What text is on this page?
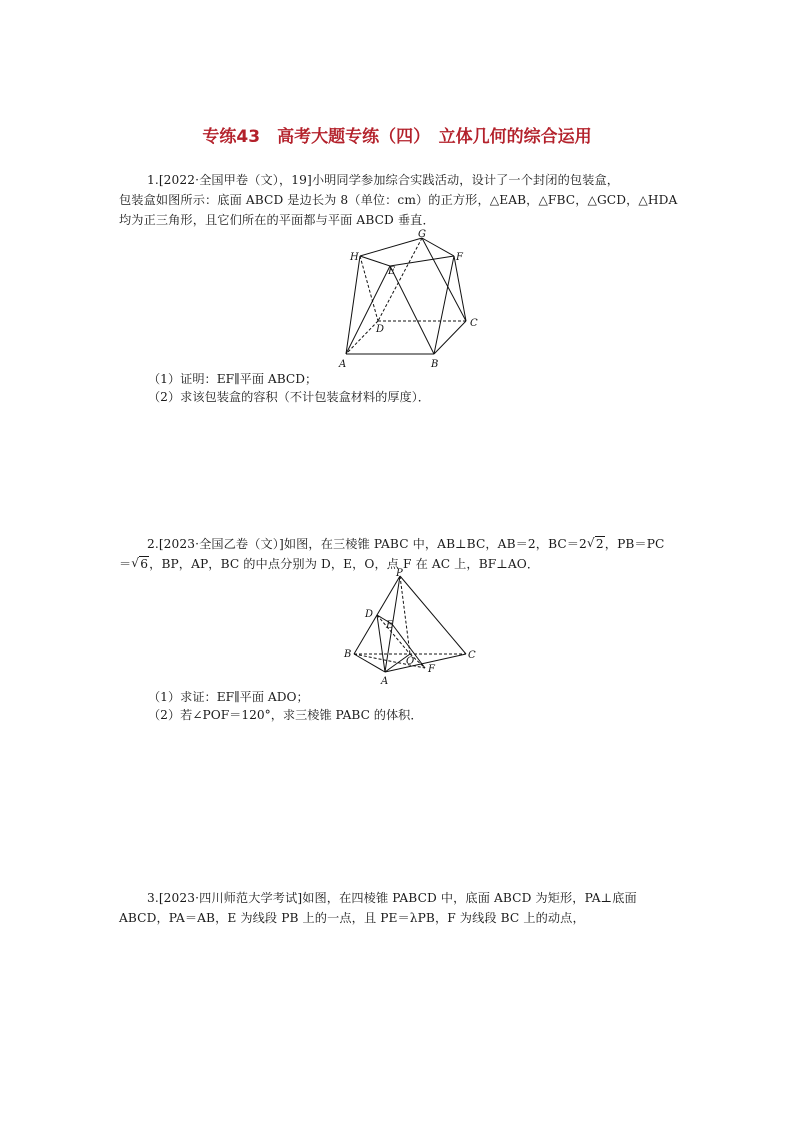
专练43　高考大题专练（四）　立体几何的综合运用
1.[2022·全国甲卷（文），19]小明同学参加综合实践活动，设计了一个封闭的包装盒，
包装盒如图所示：底面 ABCD 是边长为 8（单位：cm）的正方形，△EAB，△FBC，△GCD，△HDA
均为正三角形，且它们所在的平面都与平面 ABCD 垂直．
A	B
C
D
E
F
G
H
（1）证明：EF∥平面 ABCD；
（2）求该包装盒的容积（不计包装盒材料的厚度）．
2.[2023·全国乙卷（文）]如图，在三棱锥 PABC 中，AB⊥BC，AB＝2，BC＝2 √ 2，PB＝PC
＝ √ 6，BP，AP，BC 的中点分别为 D，E，O，点 F 在 AC 上，BF⊥AO．
P
D
E
B
O
C
A
F
（1）求证：EF∥平面 ADO；
（2）若∠POF＝120°，求三棱锥 PABC 的体积．
3.[2023·四川师范大学考试]如图，在四棱锥 PABCD 中，底面 ABCD 为矩形，PA⊥底面
ABCD，PA＝AB，E 为线段 PB 上的一点，且 PE＝λPB，F 为线段 BC 上的动点，
